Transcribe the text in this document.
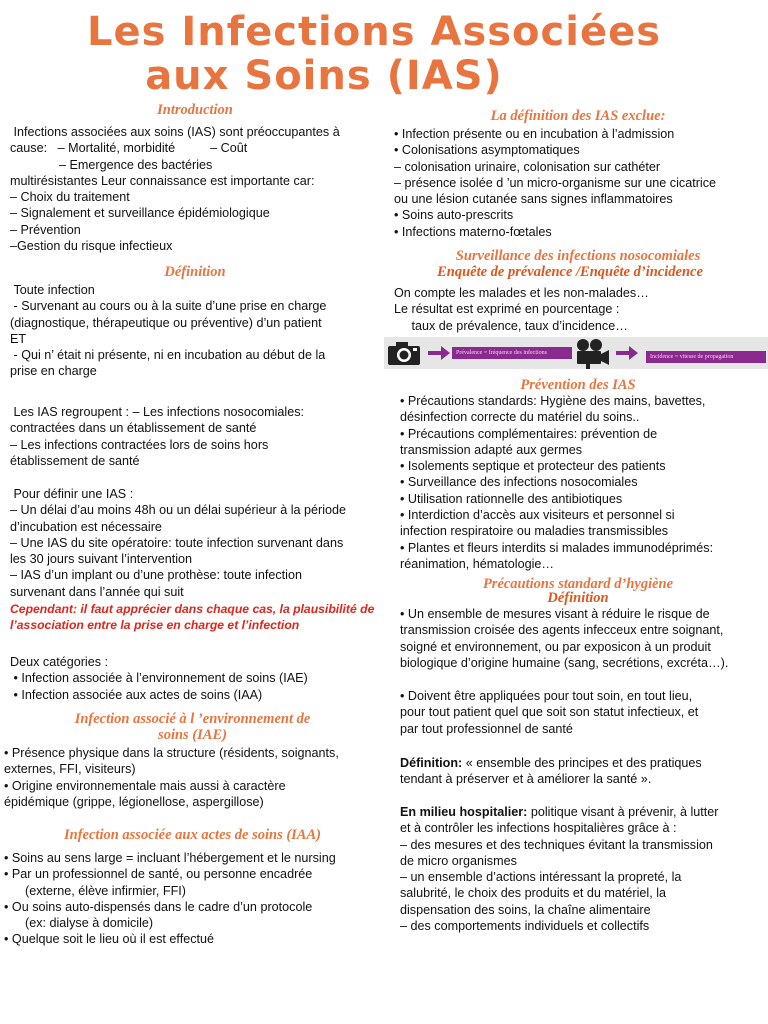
Les Infections Associées
aux Soins (IAS)
Introduction

Infections associées aux soins (IAS) sont préoccupantes à
cause:   – Mortalité, morbidité          – Coût
– Emergence des bactéries
multirésistantes Leur connaissance est importante car:
– Choix du traitement
– Signalement et surveillance épidémiologique
– Prévention
–Gestion du risque infectieux

Définition

Toute infection
- Survenant au cours ou à la suite d’une prise en charge
(diagnostique, thérapeutique ou préventive) d’un patient
ET
- Qui n’ était ni présente, ni en incubation au début de la
prise en charge

Les IAS regroupent : – Les infections nosocomiales:
contractées dans un établissement de santé
– Les infections contractées lors de soins hors
établissement de santé

Pour définir une IAS :
– Un délai d’au moins 48h ou un délai supérieur à la période
d’incubation est nécessaire
– Une IAS du site opératoire: toute infection survenant dans
les 30 jours suivant l’intervention
– IAS d’un implant ou d’une prothèse: toute infection
survenant dans l’année qui suit

Cependant: il faut apprécier dans chaque cas, la plausibilité de
l’association entre la prise en charge et l’infection

Deux catégories :
• Infection associée à l’environnement de soins (IAE)
• Infection associée aux actes de soins (IAA)

Infection associé à l ’environnement de
soins (IAE)

• Présence physique dans la structure (résidents, soignants,
externes, FFI, visiteurs)
• Origine environnementale mais aussi à caractère
épidémique (grippe, légionellose, aspergillose)

Infection associée aux actes de soins (IAA)

• Soins au sens large = incluant l’hébergement et le nursing
• Par un professionnel de santé, ou personne encadrée
(externe, élève infirmier, FFI)
• Ou soins auto-dispensés dans le cadre d’un protocole
(ex: dialyse à domicile)
• Quelque soit le lieu où il est effectué

La définition des IAS exclue:

• Infection présente ou en incubation à l’admission
• Colonisations asymptomatiques
– colonisation urinaire, colonisation sur cathéter
– présence isolée d ’un micro-organisme sur une cicatrice
ou une lésion cutanée sans signes inflammatoires
• Soins auto-prescrits
• Infections materno-fœtales

Surveillance des infections nosocomiales
Enquête de prévalence /Enquête d’incidence

On compte les malades et les non-malades…
Le résultat est exprimé en pourcentage :
taux de prévalence, taux d’incidence…

Prévalence = fréquence des infections
Incidence = vitesse de propagation
Prévention des IAS

• Précautions standards: Hygiène des mains, bavettes,
désinfection correcte du matériel du soins..
• Précautions complémentaires: prévention de
transmission adapté aux germes
• Isolements septique et protecteur des patients
• Surveillance des infections nosocomiales
• Utilisation rationnelle des antibiotiques
• Interdiction d’accès aux visiteurs et personnel si
infection respiratoire ou maladies transmissibles
• Plantes et fleurs interdits si malades immunodéprimés:
réanimation, hématologie…

Précautions standard d’hygiène
Définition

• Un ensemble de mesures visant à réduire le risque de
transmission croisée des agents infecceux entre soignant,
soigné et environnement, ou par exposicon à un produit
biologique d’origine humaine (sang, secrétions, excréta…).

• Doivent être appliquées pour tout soin, en tout lieu,
pour tout patient quel que soit son statut infectieux, et
par tout professionnel de santé

Définition: « ensemble des principes et des pratiques
tendant à préserver et à améliorer la santé ».

En milieu hospitalier: politique visant à prévenir, à lutter
et à contrôler les infections hospitalières grâce à :
– des mesures et des techniques évitant la transmission
de micro organismes
– un ensemble d’actions intéressant la propreté, la
salubrité, le choix des produits et du matériel, la
dispensation des soins, la chaîne alimentaire
– des comportements individuels et collectifs
